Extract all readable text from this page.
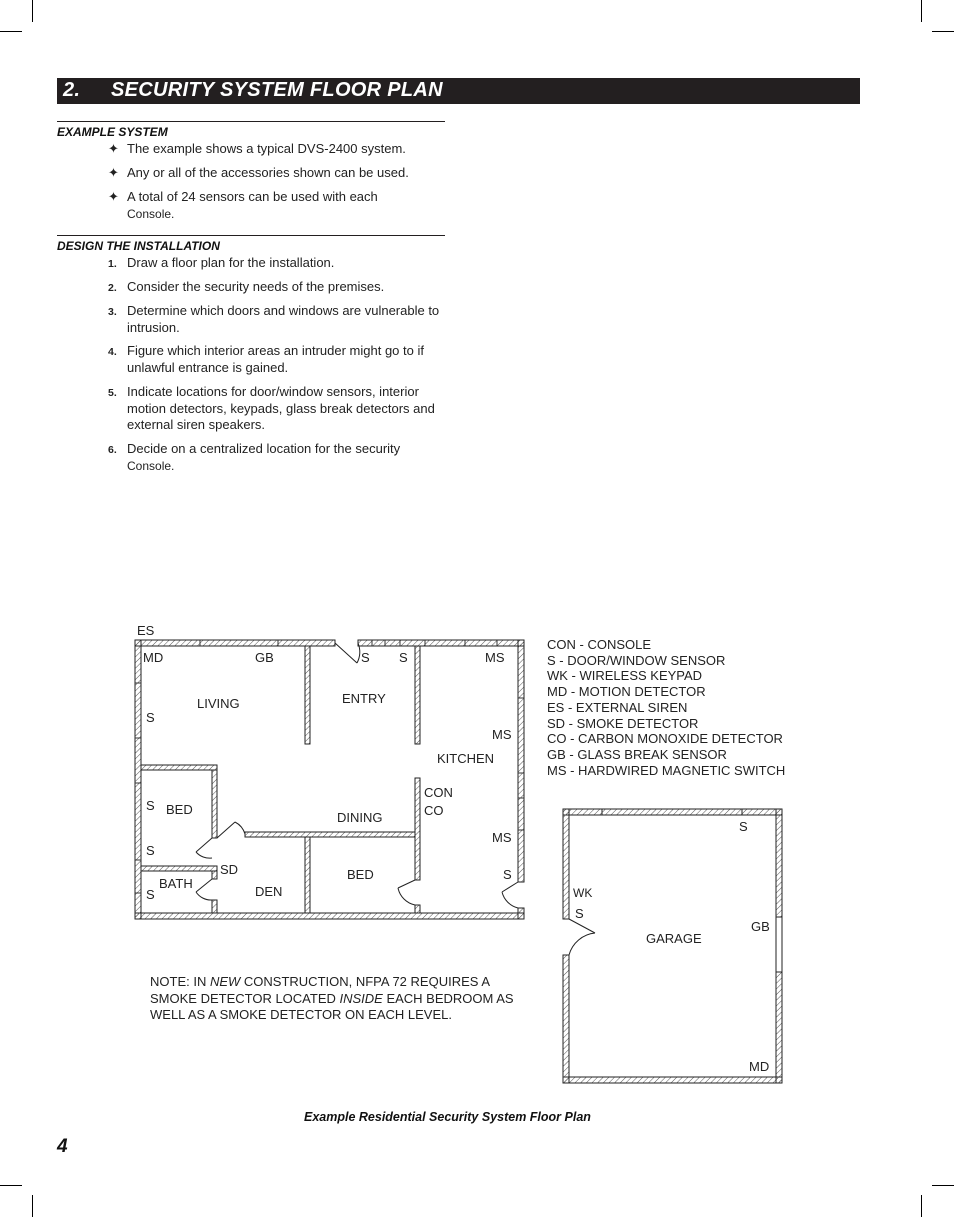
2. SECURITY SYSTEM FLOOR PLAN
EXAMPLE SYSTEM
✦ The example shows a typical DVS-2400 system.
✦ Any or all of the accessories shown can be used.
✦ A total of 24 sensors can be used with each
Console.
DESIGN THE INSTALLATION
1. Draw a floor plan for the installation.
2. Consider the security needs of the premises.
3. Determine which doors and windows are vulnerable to intrusion.
4. Figure which interior areas an intruder might go to if unlawful entrance is gained.
5. Indicate locations for door/window sensors, interior motion detectors, keypads, glass break detectors and external siren speakers.
6. Decide on a centralized location for the security
Console.
ES
MD	GB	S S	MS
LIVING	ENTRY
S
MS
KITCHEN
CON
CO
S BED
DINING
MS
S
SD	BED	S
BATH
S	DEN
S
WK
S
GB
GARAGE
MD
CON - CONSOLE
S - DOOR/WINDOW SENSOR
WK - WIRELESS KEYPAD
MD - MOTION DETECTOR
ES - EXTERNAL SIREN
SD - SMOKE DETECTOR
CO - CARBON MONOXIDE DETECTOR
GB - GLASS BREAK SENSOR
MS - HARDWIRED MAGNETIC SWITCH
NOTE: IN NEW CONSTRUCTION, NFPA 72 REQUIRES A SMOKE DETECTOR LOCATED INSIDE EACH BEDROOM AS WELL AS A SMOKE DETECTOR ON EACH LEVEL.
Example Residential Security System Floor Plan
4
